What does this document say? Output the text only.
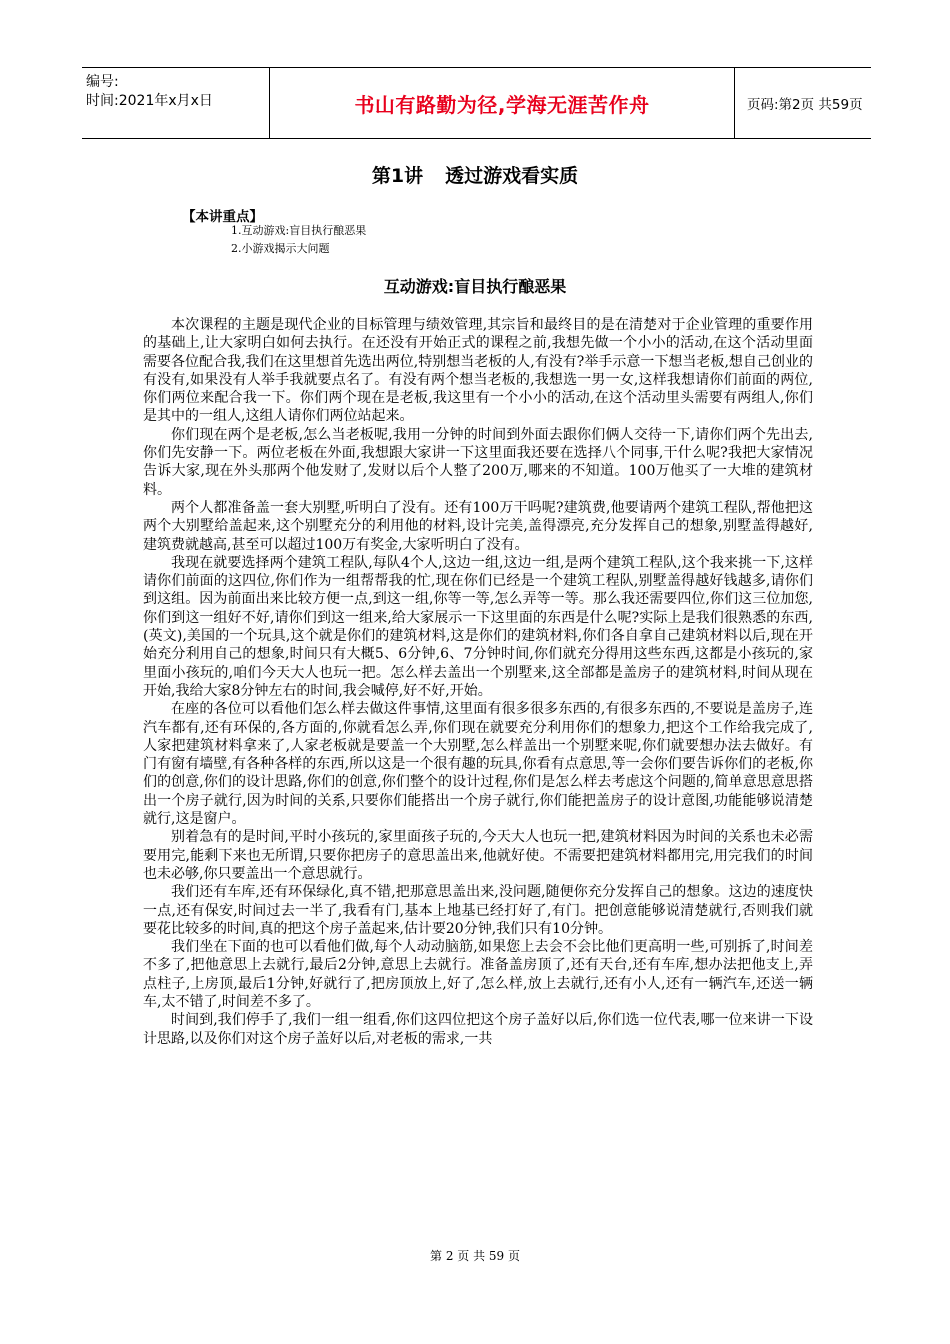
编号:
时间:2021年x月x日	书山有路勤为径,学海无涯苦作舟	页码:第2页 共59页
第1讲 透过游戏看实质
【本讲重点】
1.互动游戏:盲目执行酿恶果
2.小游戏揭示大问题
互动游戏:盲目执行酿恶果

本次课程的主题是现代企业的目标管理与绩效管理,其宗旨和最终目的是在清楚对于企业管理的重要作用的基础上,让大家明白如何去执行。在还没有开始正式的课程之前,我想先做一个小小的活动,在这个活动里面需要各位配合我,我们在这里想首先选出两位,特别想当老板的人,有没有?举手示意一下想当老板,想自己创业的有没有,如果没有人举手我就要点名了。有没有两个想当老板的,我想选一男一女,这样我想请你们前面的两位,你们两位来配合我一下。你们两个现在是老板,我这里有一个小小的活动,在这个活动里头需要有两组人,你们是其中的一组人,这组人请你们两位站起来。

你们现在两个是老板,怎么当老板呢,我用一分钟的时间到外面去跟你们俩人交待一下,请你们两个先出去,你们先安静一下。两位老板在外面,我想跟大家讲一下这里面我还要在选择八个同事,干什么呢?我把大家情况告诉大家,现在外头那两个他发财了,发财以后个人整了200万,哪来的不知道。100万他买了一大堆的建筑材料。

两个人都准备盖一套大别墅,听明白了没有。还有100万干吗呢?建筑费,他要请两个建筑工程队,帮他把这两个大别墅给盖起来,这个别墅充分的利用他的材料,设计完美,盖得漂亮,充分发挥自己的想象,别墅盖得越好,建筑费就越高,甚至可以超过100万有奖金,大家听明白了没有。

我现在就要选择两个建筑工程队,每队4个人,这边一组,这边一组,是两个建筑工程队,这个我来挑一下,这样请你们前面的这四位,你们作为一组帮帮我的忙,现在你们已经是一个建筑工程队,别墅盖得越好钱越多,请你们到这组。因为前面出来比较方便一点,到这一组,你等一等,怎么弄等一等。那么我还需要四位,你们这三位加您,你们到这一组好不好,请你们到这一组来,给大家展示一下这里面的东西是什么呢?实际上是我们很熟悉的东西,(英文),美国的一个玩具,这个就是你们的建筑材料,这是你们的建筑材料,你们各自拿自己建筑材料以后,现在开始充分利用自己的想象,时间只有大概5、6分钟,6、7分钟时间,你们就充分得用这些东西,这都是小孩玩的,家里面小孩玩的,咱们今天大人也玩一把。怎么样去盖出一个别墅来,这全部都是盖房子的建筑材料,时间从现在开始,我给大家8分钟左右的时间,我会喊停,好不好,开始。

在座的各位可以看他们怎么样去做这件事情,这里面有很多很多东西的,有很多东西的,不要说是盖房子,连汽车都有,还有环保的,各方面的,你就看怎么弄,你们现在就要充分利用你们的想象力,把这个工作给我完成了,人家把建筑材料拿来了,人家老板就是要盖一个大别墅,怎么样盖出一个别墅来呢,你们就要想办法去做好。有门有窗有墙壁,有各种各样的东西,所以这是一个很有趣的玩具,你看有点意思,等一会你们要告诉你们的老板,你们的创意,你们的设计思路,你们的创意,你们整个的设计过程,你们是怎么样去考虑这个问题的,简单意思意思搭出一个房子就行,因为时间的关系,只要你们能搭出一个房子就行,你们能把盖房子的设计意图,功能能够说清楚就行,这是窗户。

别着急有的是时间,平时小孩玩的,家里面孩子玩的,今天大人也玩一把,建筑材料因为时间的关系也未必需要用完,能剩下来也无所谓,只要你把房子的意思盖出来,他就好使。不需要把建筑材料都用完,用完我们的时间也未必够,你只要盖出一个意思就行。

我们还有车库,还有环保绿化,真不错,把那意思盖出来,没问题,随便你充分发挥自己的想象。这边的速度快一点,还有保安,时间过去一半了,我看有门,基本上地基已经打好了,有门。把创意能够说清楚就行,否则我们就要花比较多的时间,真的把这个房子盖起来,估计要20分钟,我们只有10分钟。

我们坐在下面的也可以看他们做,每个人动动脑筋,如果您上去会不会比他们更高明一些,可别拆了,时间差不多了,把他意思上去就行,最后2分钟,意思上去就行。准备盖房顶了,还有天台,还有车库,想办法把他支上,弄点柱子,上房顶,最后1分钟,好就行了,把房顶放上,好了,怎么样,放上去就行,还有小人,还有一辆汽车,还送一辆车,太不错了,时间差不多了。

时间到,我们停手了,我们一组一组看,你们这四位把这个房子盖好以后,你们选一位代表,哪一位来讲一下设计思路,以及你们对这个房子盖好以后,对老板的需求,一共

第 2 页 共 59 页
